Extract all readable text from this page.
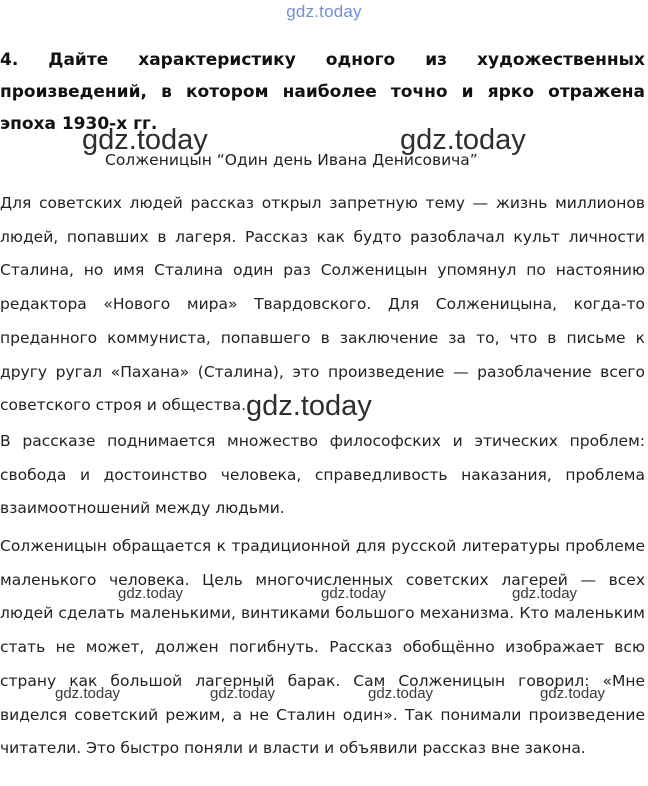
gdz.today

4. Дайте характеристику одного из художественных произведений, в котором наиболее точно и ярко отражена эпоха 1930-х гг.

Солженицын “Один день Ивана Денисовича”

Для советских людей рассказ открыл запретную тему — жизнь миллионов людей, попавших в лагеря. Рассказ как будто разоблачал культ личности Сталина, но имя Сталина один раз Солженицын упомянул по настоянию редактора «Нового мира» Твардовского. Для Солженицына, когда-то преданного коммуниста, попавшего в заключение за то, что в письме к другу ругал «Пахана» (Сталина), это произведение — разоблачение всего советского строя и общества.

В рассказе поднимается множество философских и этических проблем: свобода и достоинство человека, справедливость наказания, проблема взаимоотношений между людьми.

Солженицын обращается к традиционной для русской литературы проблеме маленького человека. Цель многочисленных советских лагерей — всех людей сделать маленькими, винтиками большого механизма. Кто маленьким стать не может, должен погибнуть. Рассказ обобщённо изображает всю страну как большой лагерный барак. Сам Солженицын говорил: «Мне виделся советский режим, а не Сталин один». Так понимали произведение читатели. Это быстро поняли и власти и объявили рассказ вне закона.

gdz.today	gdz.today
gdz.today
gdz.today	gdz.today	gdz.today
gdz.today	gdz.today	gdz.today	gdz.today
